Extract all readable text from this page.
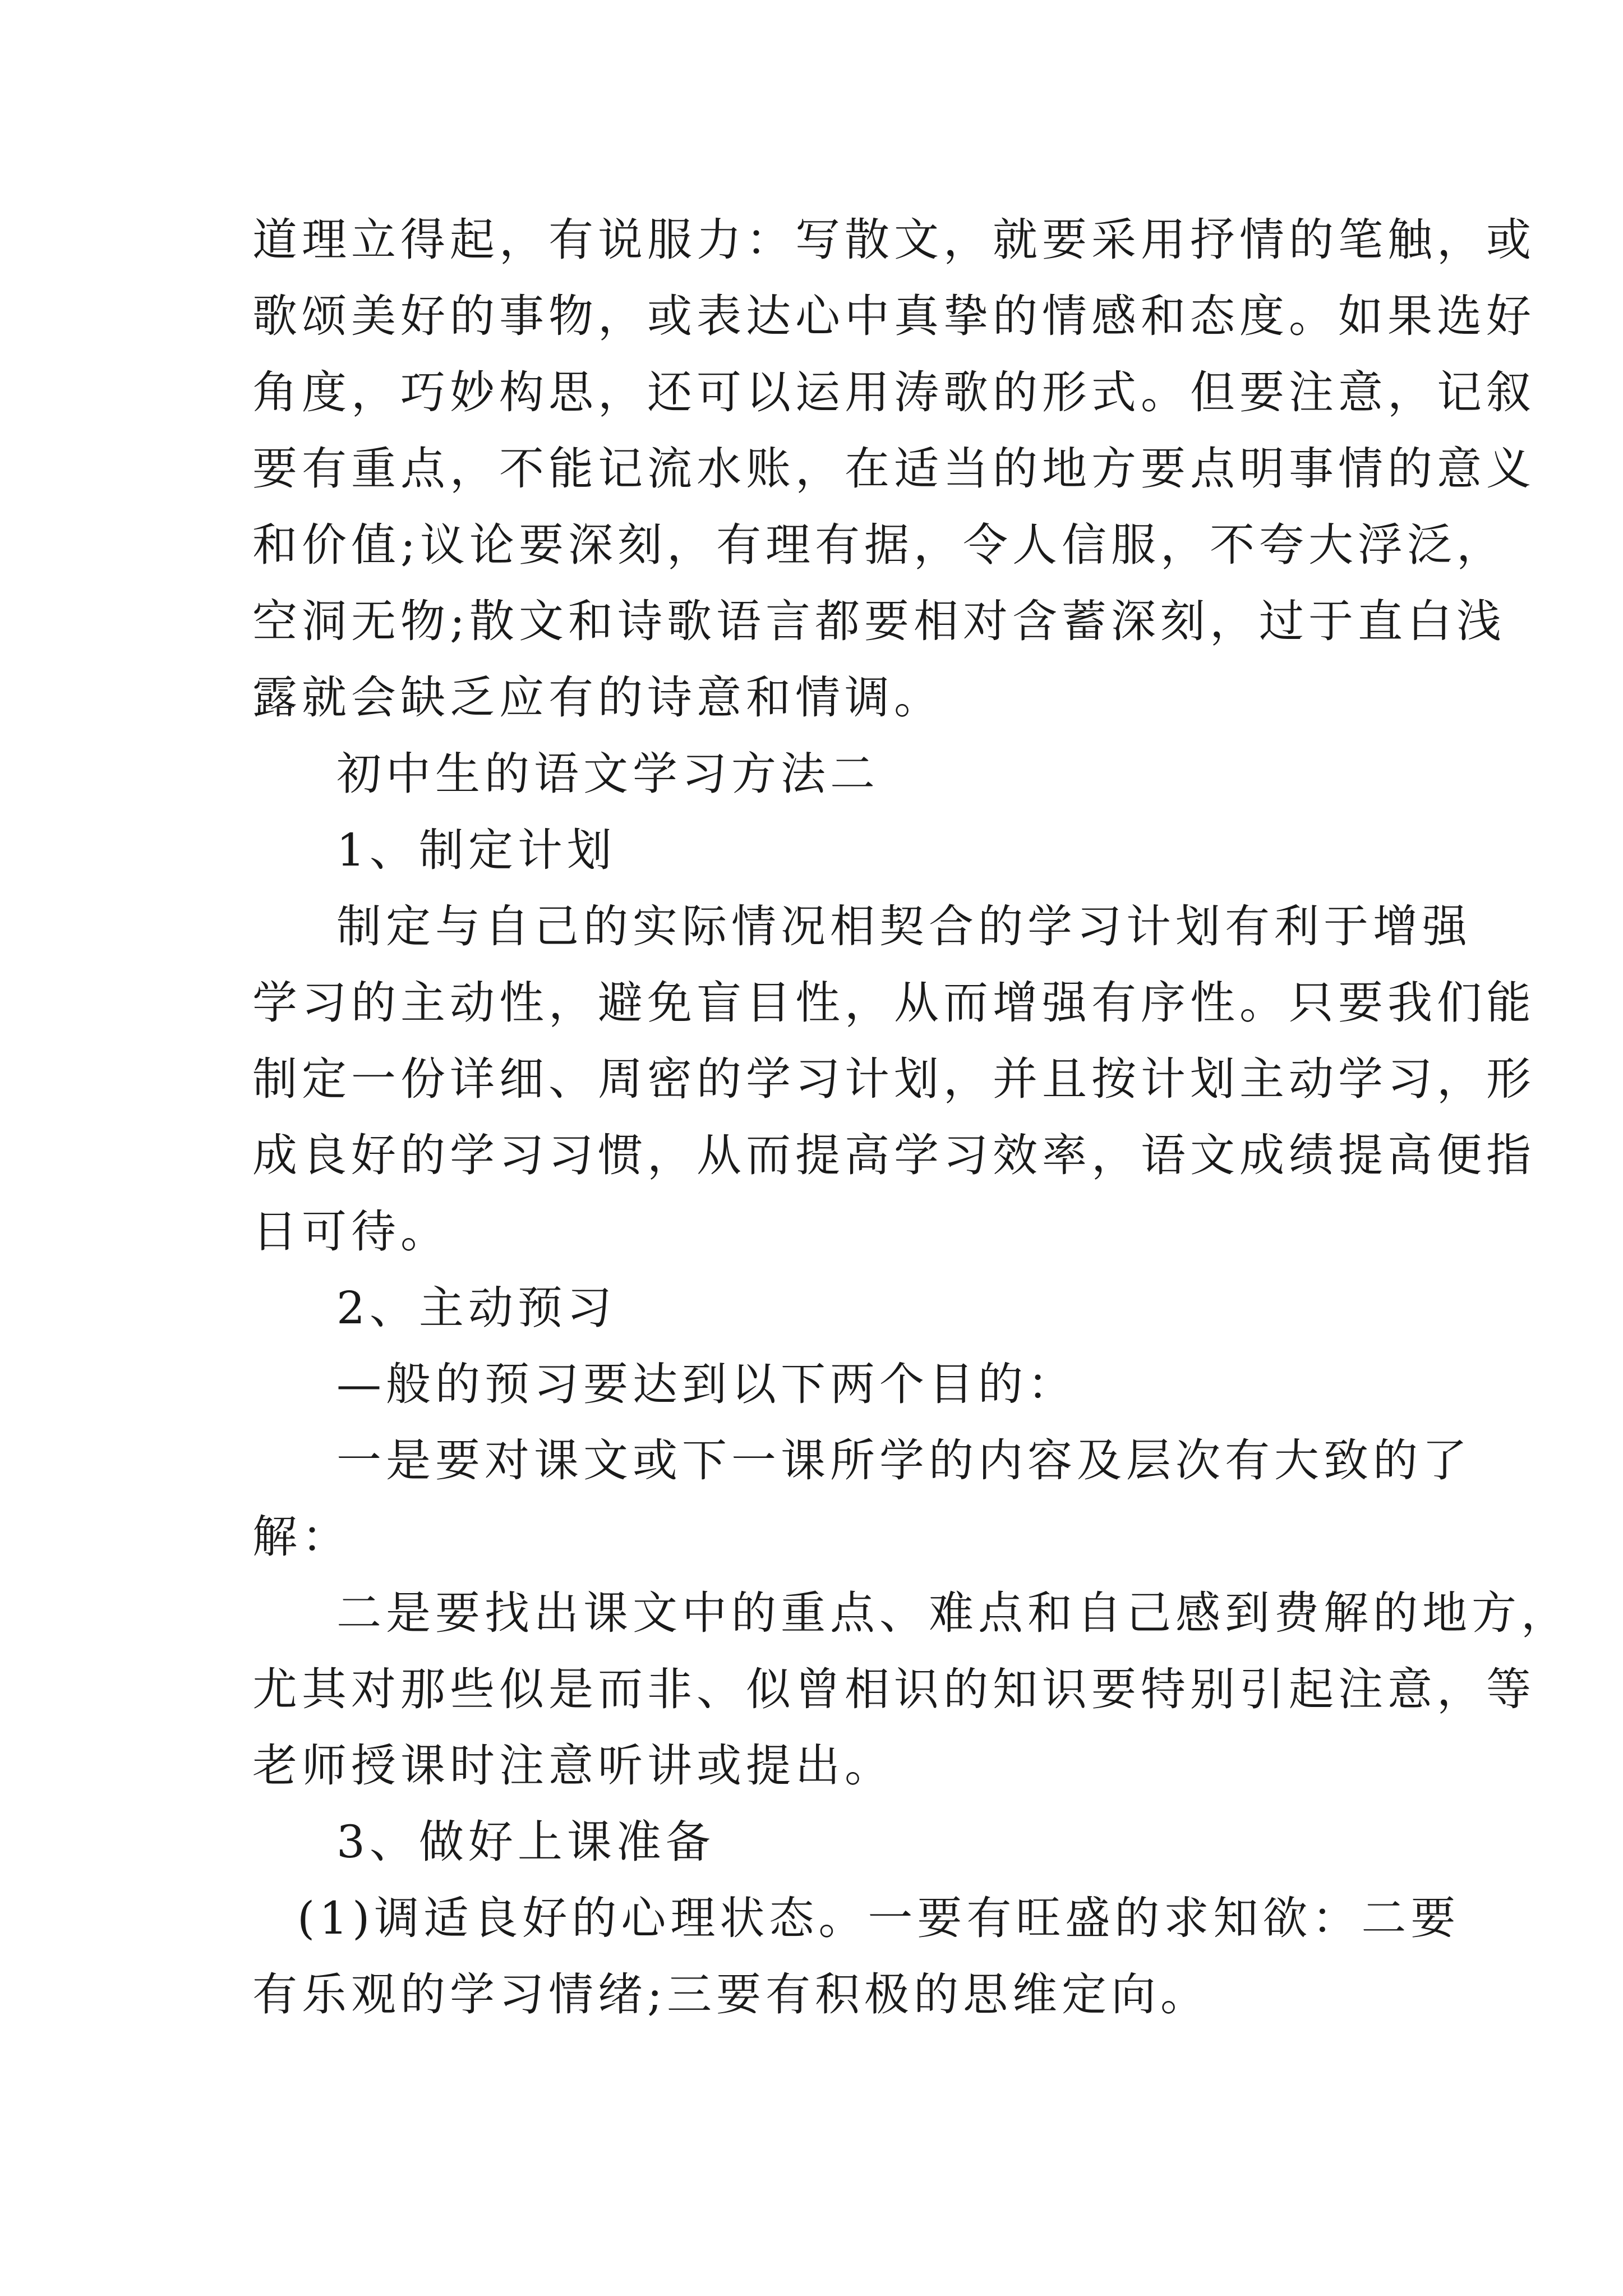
道理立得起，有说服力：写散文，就要采用抒情的笔触，或
歌颂美好的事物，或表达心中真挚的情感和态度。如果选好
角度，巧妙构思，还可以运用涛歌的形式。但要注意，记叙
要有重点，不能记流水账，在适当的地方要点明事情的意义
和价值;议论要深刻，有理有据，令人信服，不夸大浮泛，
空洞无物;散文和诗歌语言都要相对含蓄深刻，过于直白浅
露就会缺乏应有的诗意和情调。
初中生的语文学习方法二
1、制定计划
制定与自己的实际情况相契合的学习计划有利于增强
学习的主动性，避免盲目性，从而增强有序性。只要我们能
制定一份详细、周密的学习计划，并且按计划主动学习，形
成良好的学习习惯，从而提高学习效率，语文成绩提高便指
日可待。
2、主动预习
—般的预习要达到以下两个目的：
一是要对课文或下一课所学的内容及层次有大致的了
解：
二是要找出课文中的重点、难点和自己感到费解的地方，
尤其对那些似是而非、似曾相识的知识要特别引起注意，等
老师授课时注意听讲或提出。
3、做好上课准备
(1)调适良好的心理状态。一要有旺盛的求知欲：二要
有乐观的学习情绪;三要有积极的思维定向。
